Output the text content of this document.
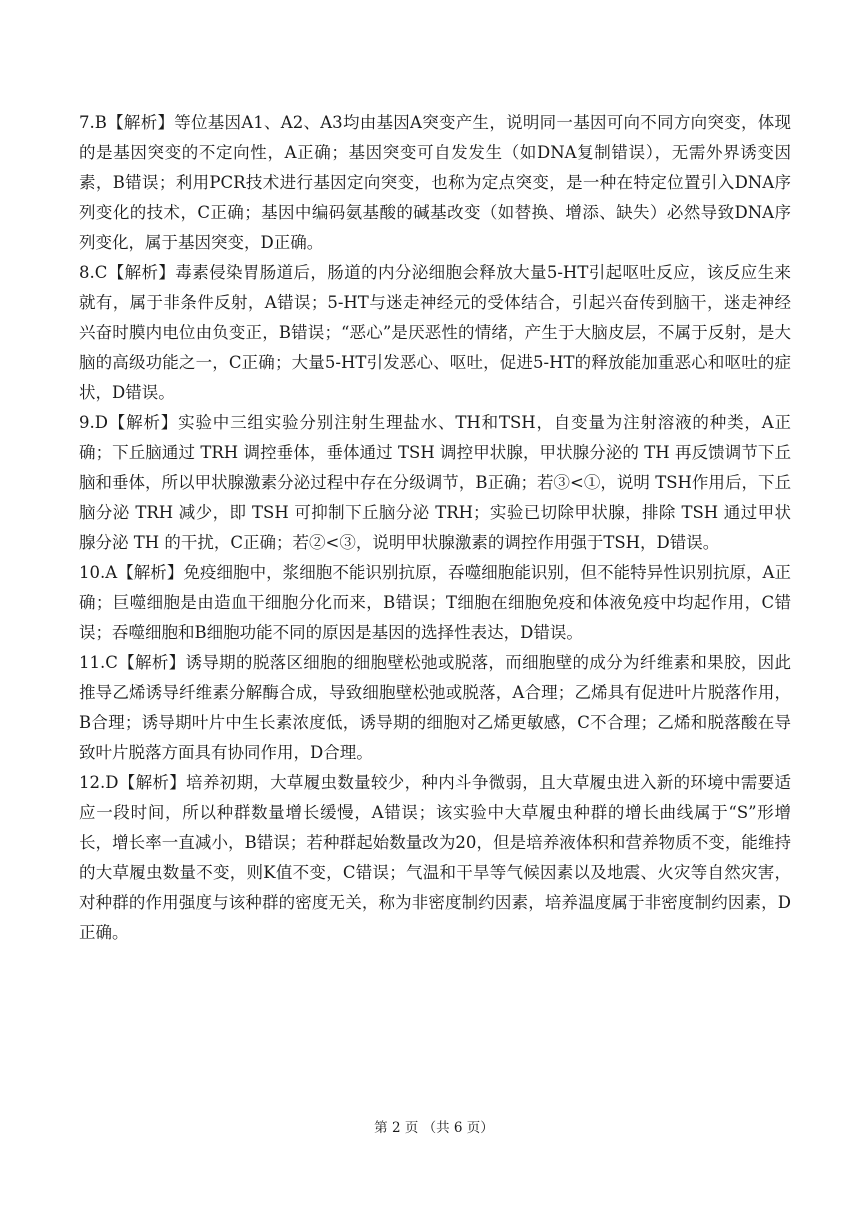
7.B【解析】等位基因A1、A2、A3均由基因A突变产生，说明同一基因可向不同方向突变，体现的是基因突变的不定向性，A正确；基因突变可自发发生（如DNA复制错误），无需外界诱变因素，B错误；利用PCR技术进行基因定向突变，也称为定点突变，是一种在特定位置引入DNA序列变化的技术，C正确；基因中编码氨基酸的碱基改变（如替换、增添、缺失）必然导致DNA序列变化，属于基因突变，D正确。

8.C【解析】毒素侵染胃肠道后，肠道的内分泌细胞会释放大量5-HT引起呕吐反应，该反应生来就有，属于非条件反射，A错误；5-HT与迷走神经元的受体结合，引起兴奋传到脑干，迷走神经兴奋时膜内电位由负变正，B错误；“恶心”是厌恶性的情绪，产生于大脑皮层，不属于反射，是大脑的高级功能之一，C正确；大量5-HT引发恶心、呕吐，促进5-HT的释放能加重恶心和呕吐的症状，D错误。

9.D【解析】实验中三组实验分别注射生理盐水、TH和TSH，自变量为注射溶液的种类，A正确；下丘脑通过 TRH 调控垂体，垂体通过 TSH 调控甲状腺，甲状腺分泌的 TH 再反馈调节下丘脑和垂体，所以甲状腺激素分泌过程中存在分级调节，B正确；若③<①，说明 TSH作用后，下丘脑分泌 TRH 减少，即 TSH 可抑制下丘脑分泌 TRH；实验已切除甲状腺，排除 TSH 通过甲状腺分泌 TH 的干扰，C正确；若②<③，说明甲状腺激素的调控作用强于TSH，D错误。

10.A【解析】免疫细胞中，浆细胞不能识别抗原，吞噬细胞能识别，但不能特异性识别抗原，A正确；巨噬细胞是由造血干细胞分化而来，B错误；T细胞在细胞免疫和体液免疫中均起作用，C错误；吞噬细胞和B细胞功能不同的原因是基因的选择性表达，D错误。

11.C【解析】诱导期的脱落区细胞的细胞壁松弛或脱落，而细胞壁的成分为纤维素和果胶，因此推导乙烯诱导纤维素分解酶合成，导致细胞壁松弛或脱落，A合理；乙烯具有促进叶片脱落作用，B合理；诱导期叶片中生长素浓度低，诱导期的细胞对乙烯更敏感，C不合理；乙烯和脱落酸在导致叶片脱落方面具有协同作用，D合理。

12.D【解析】培养初期，大草履虫数量较少，种内斗争微弱，且大草履虫进入新的环境中需要适应一段时间，所以种群数量增长缓慢，A错误；该实验中大草履虫种群的增长曲线属于“S”形增长，增长率一直减小，B错误；若种群起始数量改为20，但是培养液体积和营养物质不变，能维持的大草履虫数量不变，则K值不变，C错误；气温和干旱等气候因素以及地震、火灾等自然灾害，对种群的作用强度与该种群的密度无关，称为非密度制约因素，培养温度属于非密度制约因素，D正确。

第 2 页 （共 6 页）
